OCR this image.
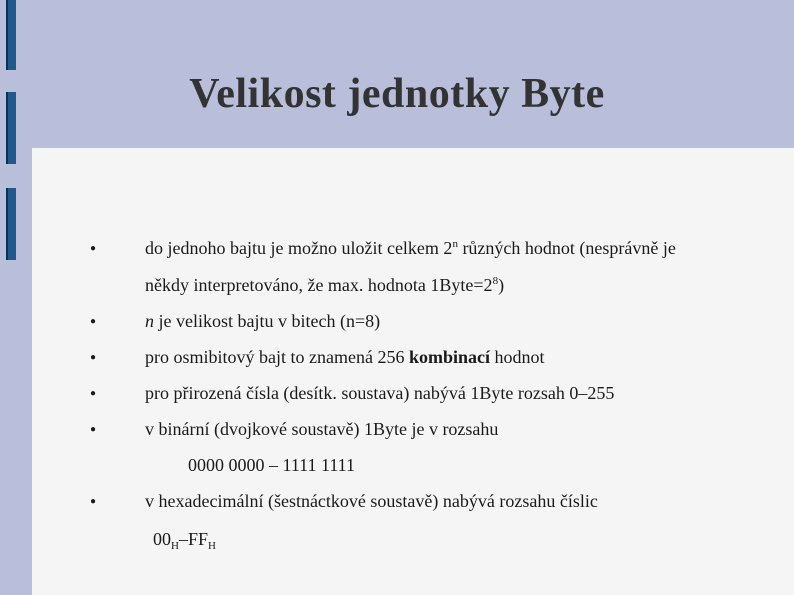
Velikost jednotky Byte
●	do jednoho bajtu je možno uložit celkem 2$^n$ různých hodnot (nesprávně je
někdy interpretováno, že max. hodnota $1Byte=2^8$)
●	n je velikost bajtu v bitech (n=8)
●	pro osmibitový bajt to znamená 256 kombinací hodnot
●	pro přirozená čísla (desítk. soustava) nabývá 1Byte rozsah 0–255
●	v binární (dvojkové soustavě) 1Byte je v rozsahu
0000 0000 – 1111 1111
●	v hexadecimální (šestnáctkové soustavě) nabývá rozsahu číslic
$00_H-FF_H$
